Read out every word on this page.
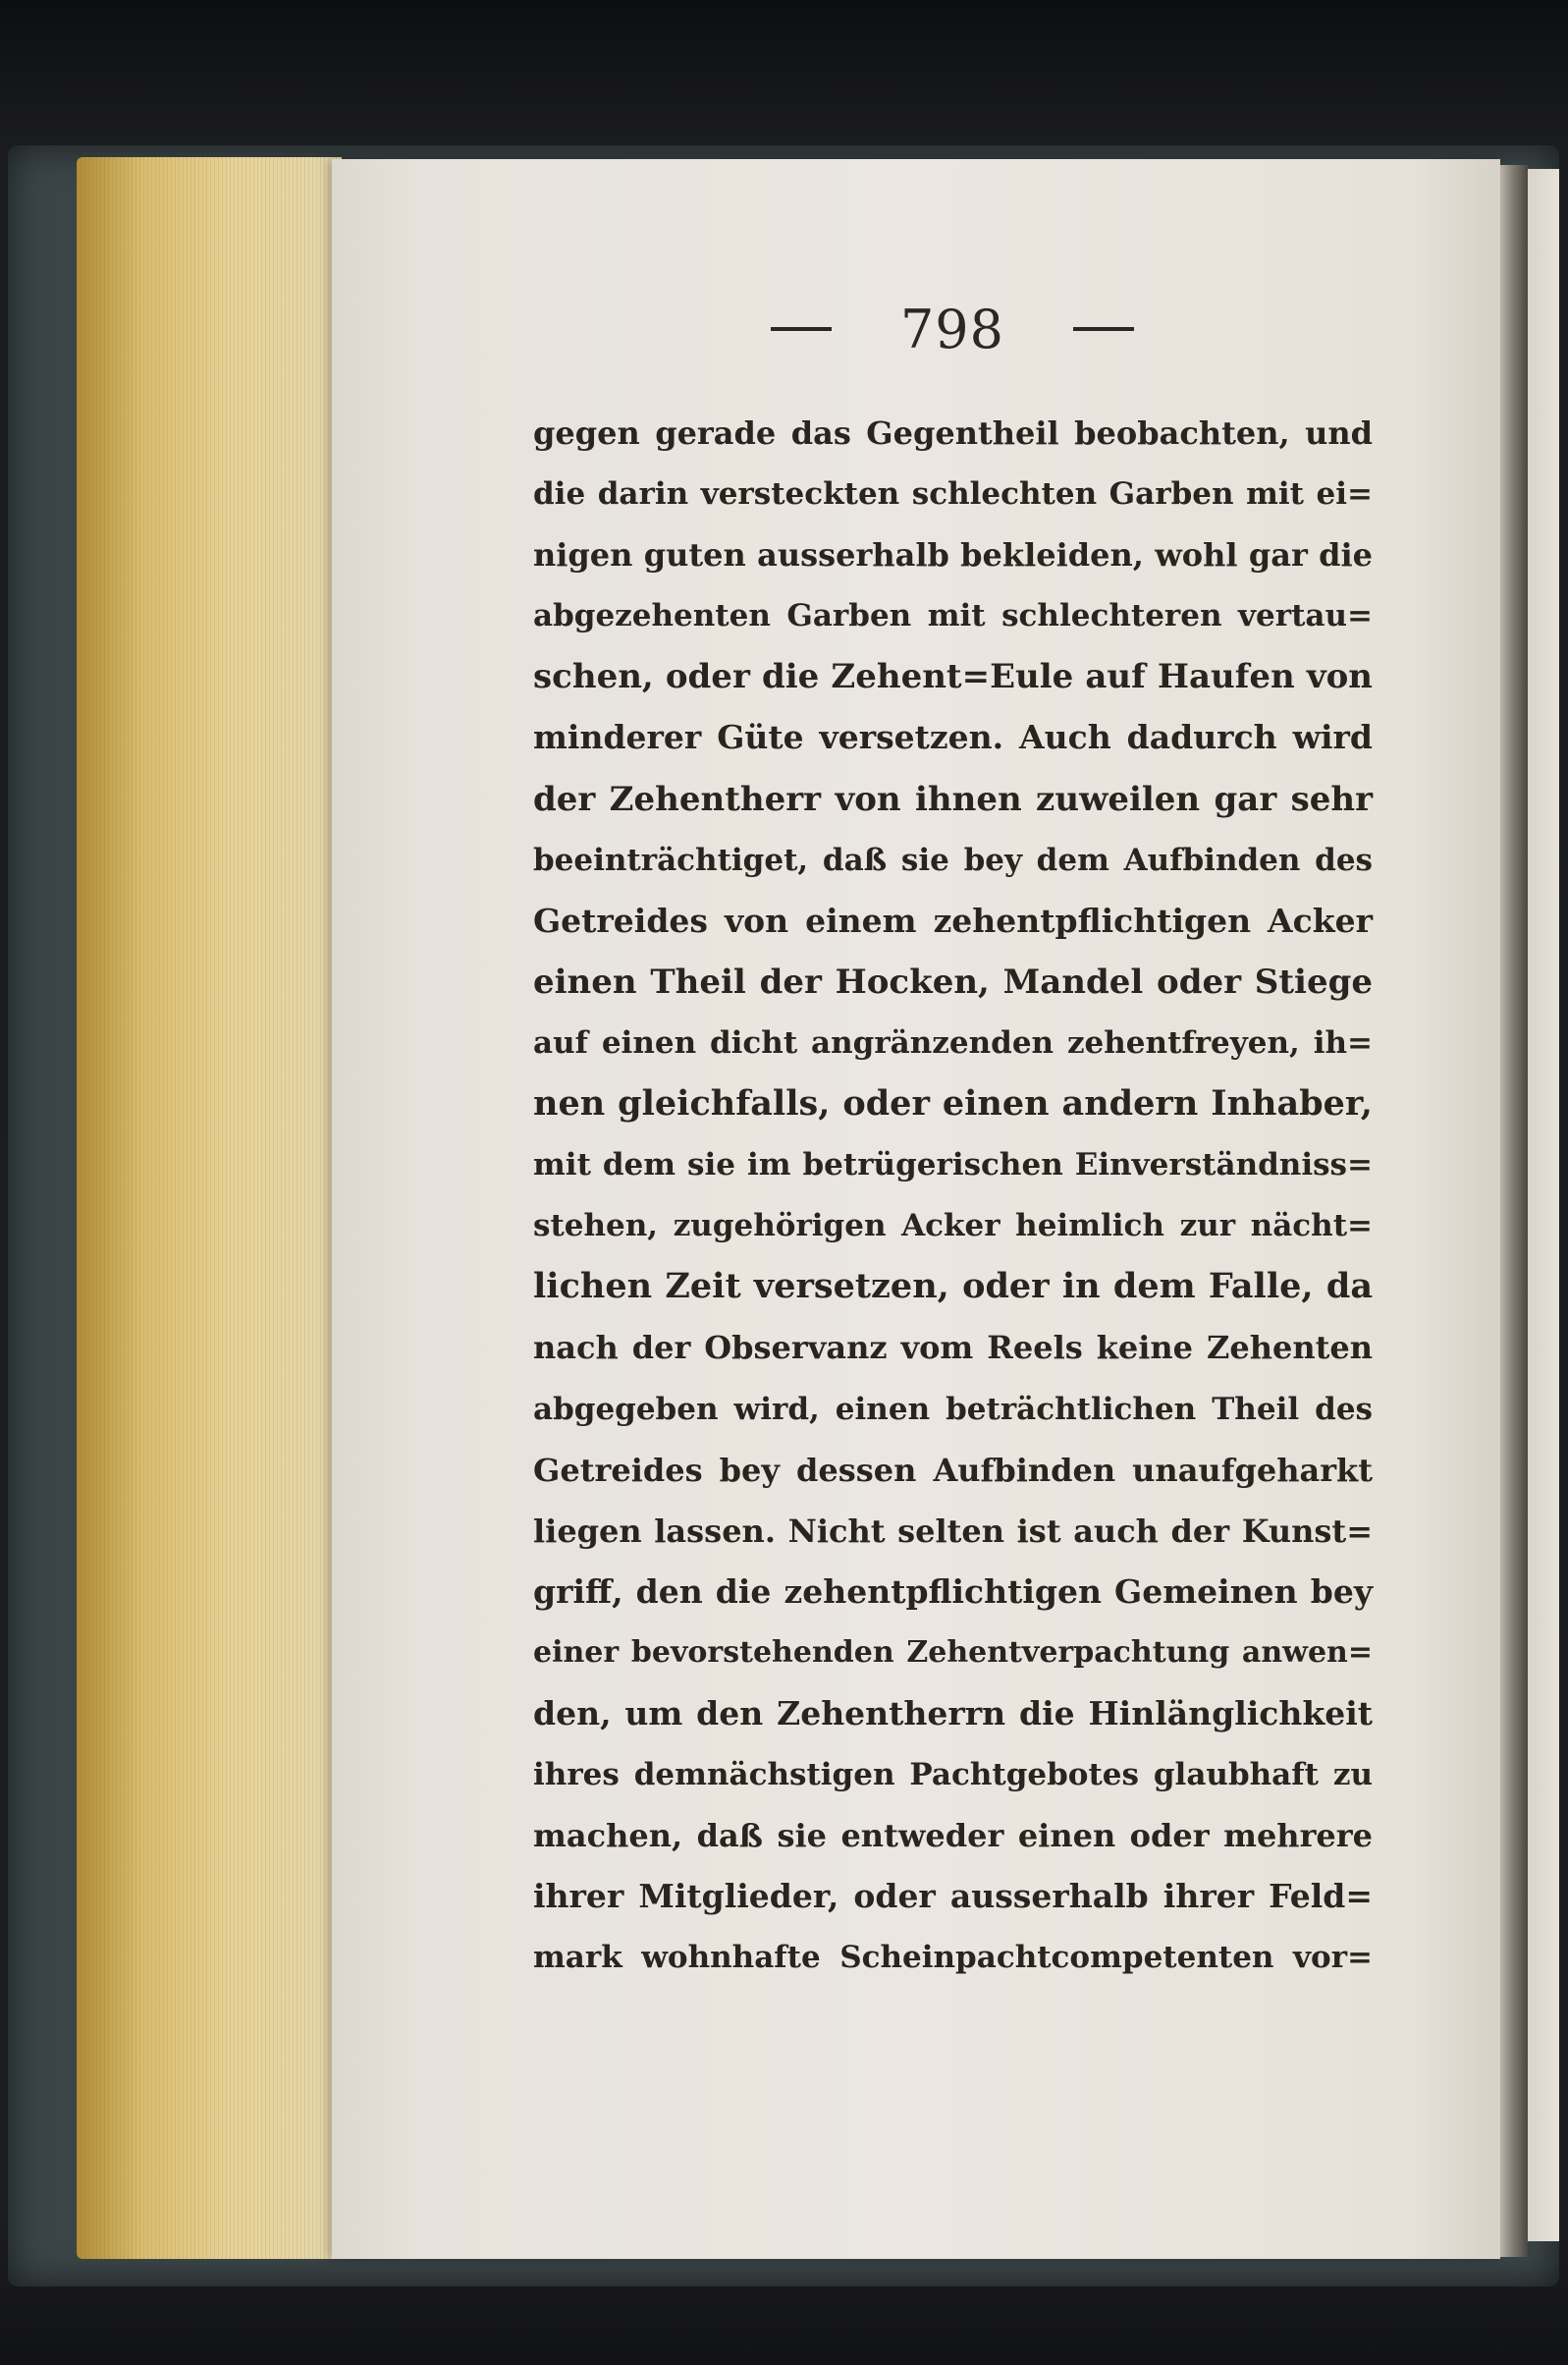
798
gegen gerade das Gegentheil beobachten, und
die darin versteckten schlechten Garben mit ei=
nigen guten ausserhalb bekleiden, wohl gar die
abgezehenten Garben mit schlechteren vertau=
schen, oder die Zehent=Eule auf Haufen von
minderer Güte versetzen. Auch dadurch wird
der Zehentherr von ihnen zuweilen gar sehr
beeinträchtiget, daß sie bey dem Aufbinden des
Getreides von einem zehentpflichtigen Acker
einen Theil der Hocken, Mandel oder Stiege
auf einen dicht angränzenden zehentfreyen, ih=
nen gleichfalls, oder einen andern Inhaber,
mit dem sie im betrügerischen Einverständniss=
stehen, zugehörigen Acker heimlich zur nächt=
lichen Zeit versetzen, oder in dem Falle, da
nach der Observanz vom Reels keine Zehenten
abgegeben wird, einen beträchtlichen Theil des
Getreides bey dessen Aufbinden unaufgeharkt
liegen lassen. Nicht selten ist auch der Kunst=
griff, den die zehentpflichtigen Gemeinen bey
einer bevorstehenden Zehentverpachtung anwen=
den, um den Zehentherrn die Hinlänglichkeit
ihres demnächstigen Pachtgebotes glaubhaft zu
machen, daß sie entweder einen oder mehrere
ihrer Mitglieder, oder ausserhalb ihrer Feld=
mark wohnhafte Scheinpachtcompetenten vor=
